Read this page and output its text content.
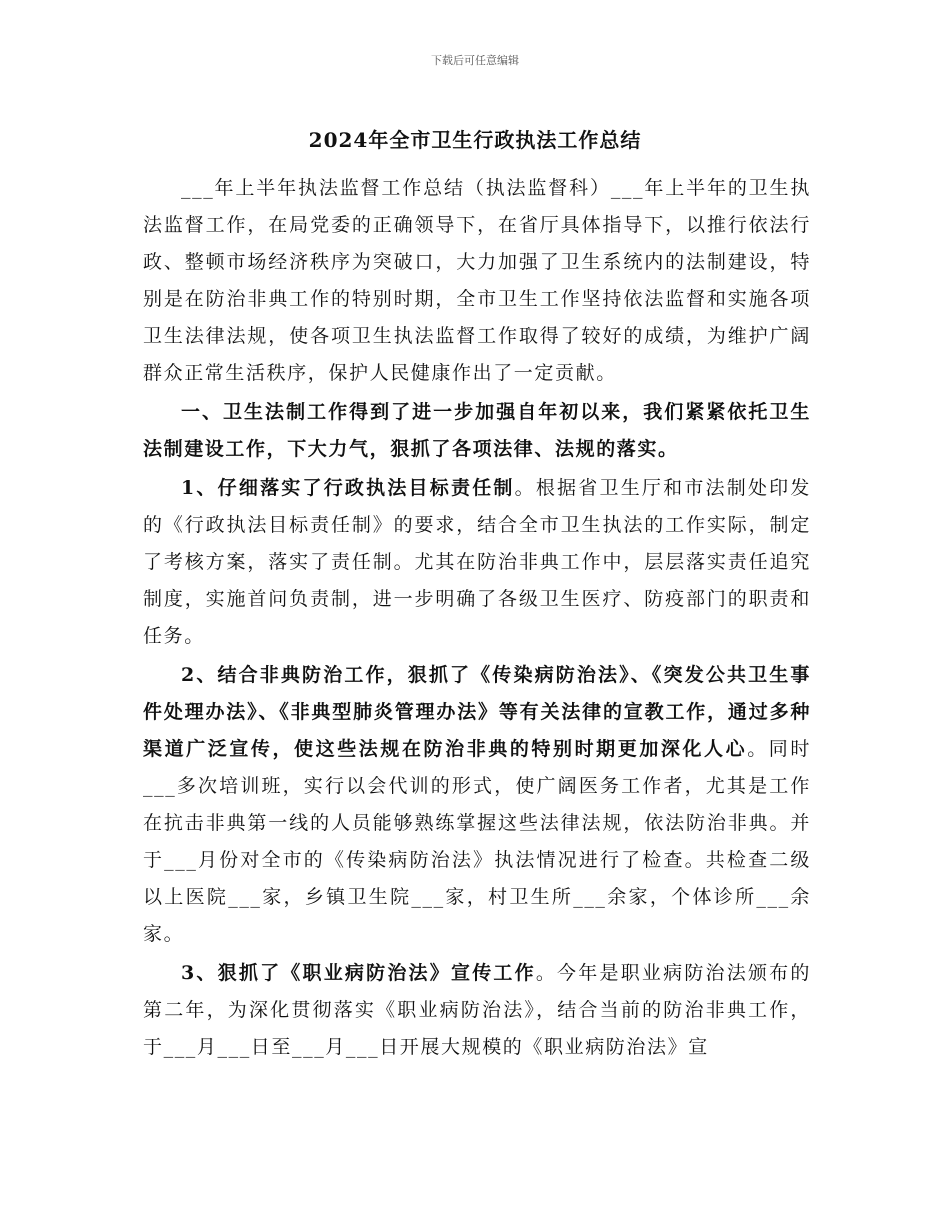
下载后可任意编辑
2024年全市卫生行政执法工作总结

___年上半年执法监督工作总结（执法监督科）___年上半年的卫生执法监督工作，在局党委的正确领导下，在省厅具体指导下，以推行依法行政、整顿市场经济秩序为突破口，大力加强了卫生系统内的法制建设，特别是在防治非典工作的特别时期，全市卫生工作坚持依法监督和实施各项卫生法律法规，使各项卫生执法监督工作取得了较好的成绩，为维护广阔群众正常生活秩序，保护人民健康作出了一定贡献。

一、卫生法制工作得到了进一步加强自年初以来，我们紧紧依托卫生法制建设工作，下大力气，狠抓了各项法律、法规的落实。

1、仔细落实了行政执法目标责任制。根据省卫生厅和市法制处印发的《行政执法目标责任制》的要求，结合全市卫生执法的工作实际，制定了考核方案，落实了责任制。尤其在防治非典工作中，层层落实责任追究制度，实施首问负责制，进一步明确了各级卫生医疗、防疫部门的职责和任务。

2、结合非典防治工作，狠抓了《传染病防治法》、《突发公共卫生事件处理办法》、《非典型肺炎管理办法》等有关法律的宣教工作，通过多种渠道广泛宣传，使这些法规在防治非典的特别时期更加深化人心。同时___多次培训班，实行以会代训的形式，使广阔医务工作者，尤其是工作在抗击非典第一线的人员能够熟练掌握这些法律法规，依法防治非典。并于___月份对全市的《传染病防治法》执法情况进行了检查。共检查二级以上医院___家，乡镇卫生院___家，村卫生所___余家，个体诊所___余家。

3、狠抓了《职业病防治法》宣传工作。今年是职业病防治法颁布的第二年，为深化贯彻落实《职业病防治法》，结合当前的防治非典工作，于___月___日至___月___日开展大规模的《职业病防治法》宣
